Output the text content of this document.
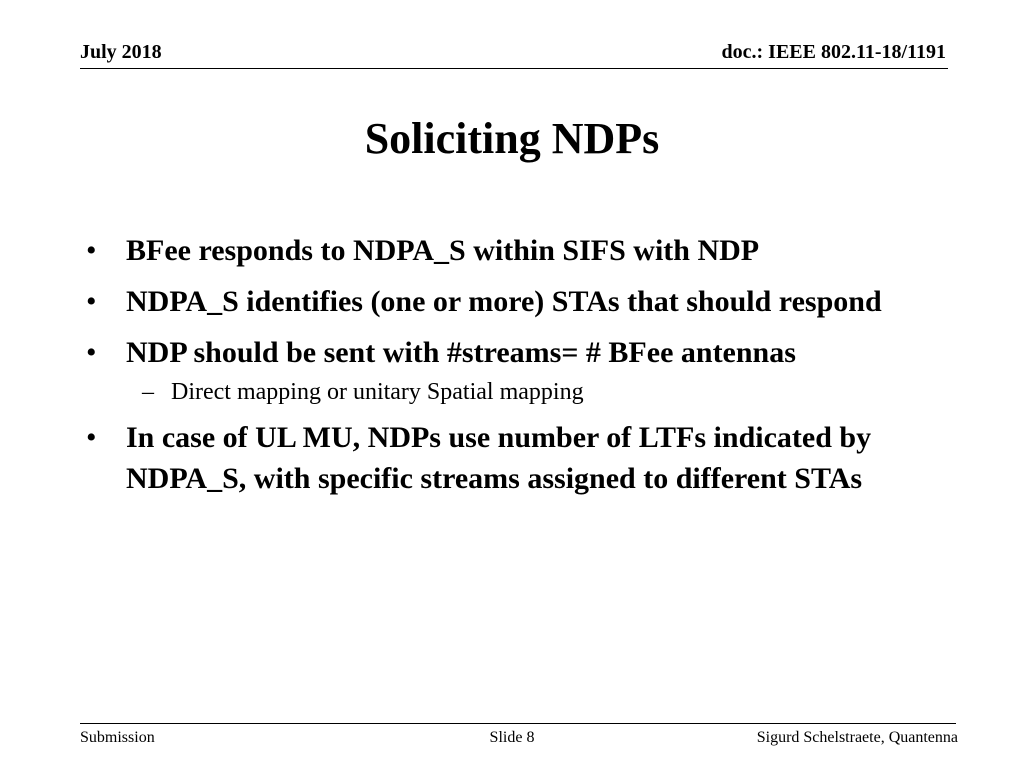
July 2018	doc.: IEEE 802.11-18/1191
Soliciting NDPs
• BFee responds to NDPA_S within SIFS with NDP
• NDPA_S identifies (one or more) STAs that should respond
• NDP should be sent with #streams= # BFee antennas
– Direct mapping or unitary Spatial mapping
• In case of UL MU, NDPs use number of LTFs indicated by NDPA_S, with specific streams assigned to different STAs
Submission	Slide 8	Sigurd Schelstraete, Quantenna
